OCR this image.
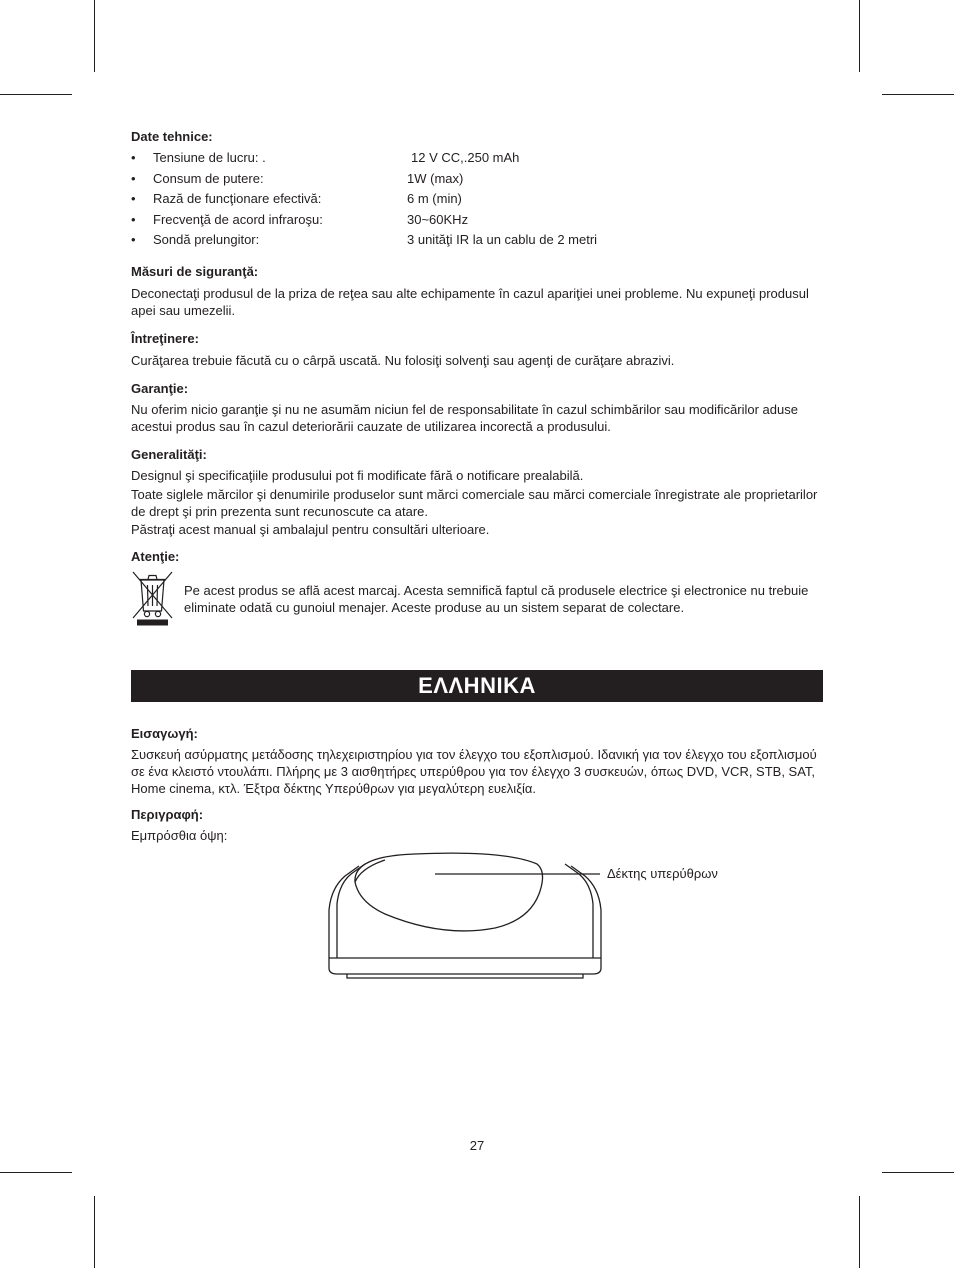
Date tehnice:
• Tensiune de lucru: .	12 V CC,.250 mAh
• Consum de putere:	1W (max)
• Rază de funcţionare efectivă:	6 m (min)
• Frecvenţă de acord infraroşu:	30~60KHz
• Sondă prelungitor:	3 unităţi IR la un cablu de 2 metri
Măsuri de siguranţă:

Deconectaţi produsul de la priza de reţea sau alte echipamente în cazul apariţiei unei probleme. Nu expuneţi produsul apei sau umezelii.

Întreţinere:

Curăţarea trebuie făcută cu o cârpă uscată. Nu folosiţi solvenţi sau agenţi de curăţare abrazivi.

Garanţie:

Nu oferim nicio garanţie şi nu ne asumăm niciun fel de responsabilitate în cazul schimbărilor sau modificărilor aduse acestui produs sau în cazul deteriorării cauzate de utilizarea incorectă a produsului.

Generalităţi:

Designul şi specificaţiile produsului pot fi modificate fără o notificare prealabilă.

Toate siglele mărcilor şi denumirile produselor sunt mărci comerciale sau mărci comerciale înregistrate ale proprietarilor de drept şi prin prezenta sunt recunoscute ca atare.

Păstraţi acest manual şi ambalajul pentru consultări ulterioare.

Atenţie:
Pe acest produs se află acest marcaj. Acesta semnifică faptul că produsele electrice şi electronice nu trebuie eliminate odată cu gunoiul menajer. Aceste produse au un sistem separat de colectare.
ΕΛΛΗΝΙΚΑ
Εισαγωγή:

Συσκευή ασύρματης μετάδοσης τηλεχειριστηρίου για τον έλεγχο του εξοπλισμού. Ιδανική για τον έλεγχο του εξοπλισμού σε ένα κλειστό ντουλάπι. Πλήρης με 3 αισθητήρες υπερύθρου για τον έλεγχο 3 συσκευών, όπως DVD, VCR, STB, SAT, Home cinema, κτλ. Έξτρα δέκτης Υπερύθρων για μεγαλύτερη ευελιξία.

Περιγραφή:

Εμπρόσθια όψη:

Δέκτης υπερύθρων
27
